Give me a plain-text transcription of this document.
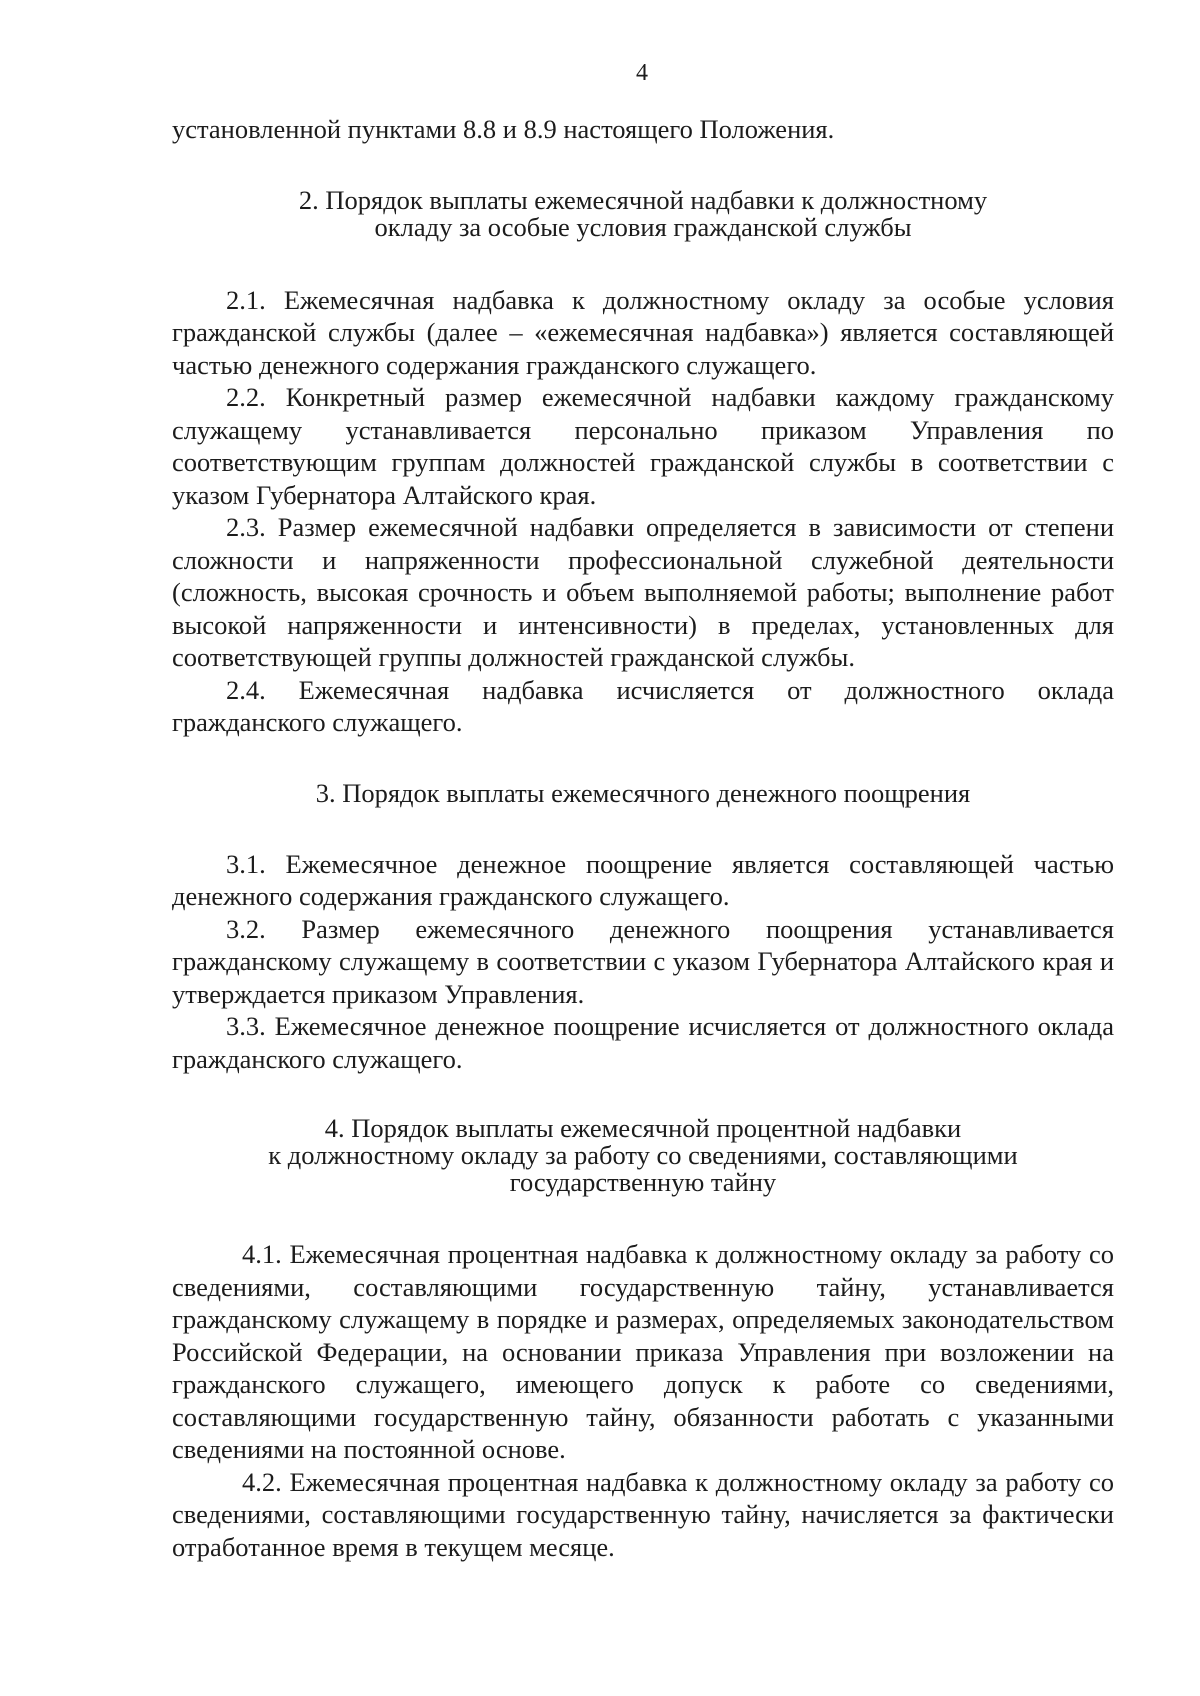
4

установленной пунктами 8.8 и 8.9 настоящего Положения.

2. Порядок выплаты ежемесячной надбавки к должностному
окладу за особые условия гражданской службы

2.1. Ежемесячная надбавка к должностному окладу за особые условия гражданской службы (далее – «ежемесячная надбавка») является составляющей частью денежного содержания гражданского служащего.

2.2. Конкретный размер ежемесячной надбавки каждому гражданскому служащему устанавливается персонально приказом Управления по соответствующим группам должностей гражданской службы в соответствии с указом Губернатора Алтайского края.

2.3. Размер ежемесячной надбавки определяется в зависимости от степени сложности и напряженности профессиональной служебной деятельности (сложность, высокая срочность и объем выполняемой работы; выполнение работ высокой напряженности и интенсивности) в пределах, установленных для соответствующей группы должностей гражданской службы.

2.4. Ежемесячная надбавка исчисляется от должностного оклада гражданского служащего.

3. Порядок выплаты ежемесячного денежного поощрения

3.1. Ежемесячное денежное поощрение является составляющей частью денежного содержания гражданского служащего.

3.2. Размер ежемесячного денежного поощрения устанавливается гражданскому служащему в соответствии с указом Губернатора Алтайского края и утверждается приказом Управления.

3.3. Ежемесячное денежное поощрение исчисляется от должностного оклада гражданского служащего.

4. Порядок выплаты ежемесячной процентной надбавки
к должностному окладу за работу со сведениями, составляющими
государственную тайну

4.1. Ежемесячная процентная надбавка к должностному окладу за работу со сведениями, составляющими государственную тайну, устанавливается гражданскому служащему в порядке и размерах, определяемых законодательством Российской Федерации, на основании приказа Управления при возложении на гражданского служащего, имеющего допуск к работе со сведениями, составляющими государственную тайну, обязанности работать с указанными сведениями на постоянной основе.

4.2. Ежемесячная процентная надбавка к должностному окладу за работу со сведениями, составляющими государственную тайну, начисляется за фактически отработанное время в текущем месяце.
